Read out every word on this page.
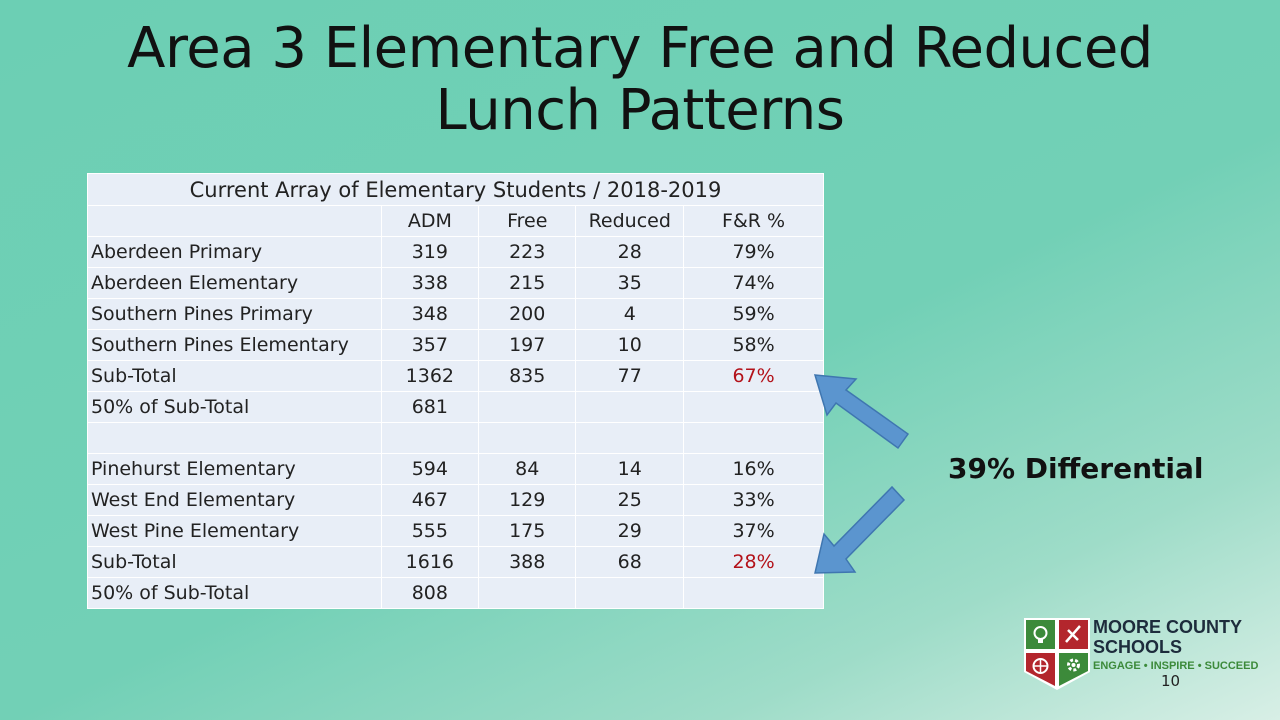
Area 3 Elementary Free and Reduced
Lunch Patterns
Current Array of Elementary Students / 2018-2019				
	ADM	Free	Reduced	F&R %
Aberdeen Primary	319	223	28	79%
Aberdeen Elementary	338	215	35	74%
Southern Pines Primary	348	200	4	59%
Southern Pines Elementary	357	197	10	58%
Sub-Total	1362	835	77	67%
50% of Sub-Total	681			

Pinehurst Elementary	594	84	14	16%
West End Elementary	467	129	25	33%
West Pine Elementary	555	175	29	37%
Sub-Total	1616	388	68	28%
50% of Sub-Total	808			
39% Differential
MOORE COUNTY
SCHOOLS
ENGAGE • INSPIRE • SUCCEED
10
